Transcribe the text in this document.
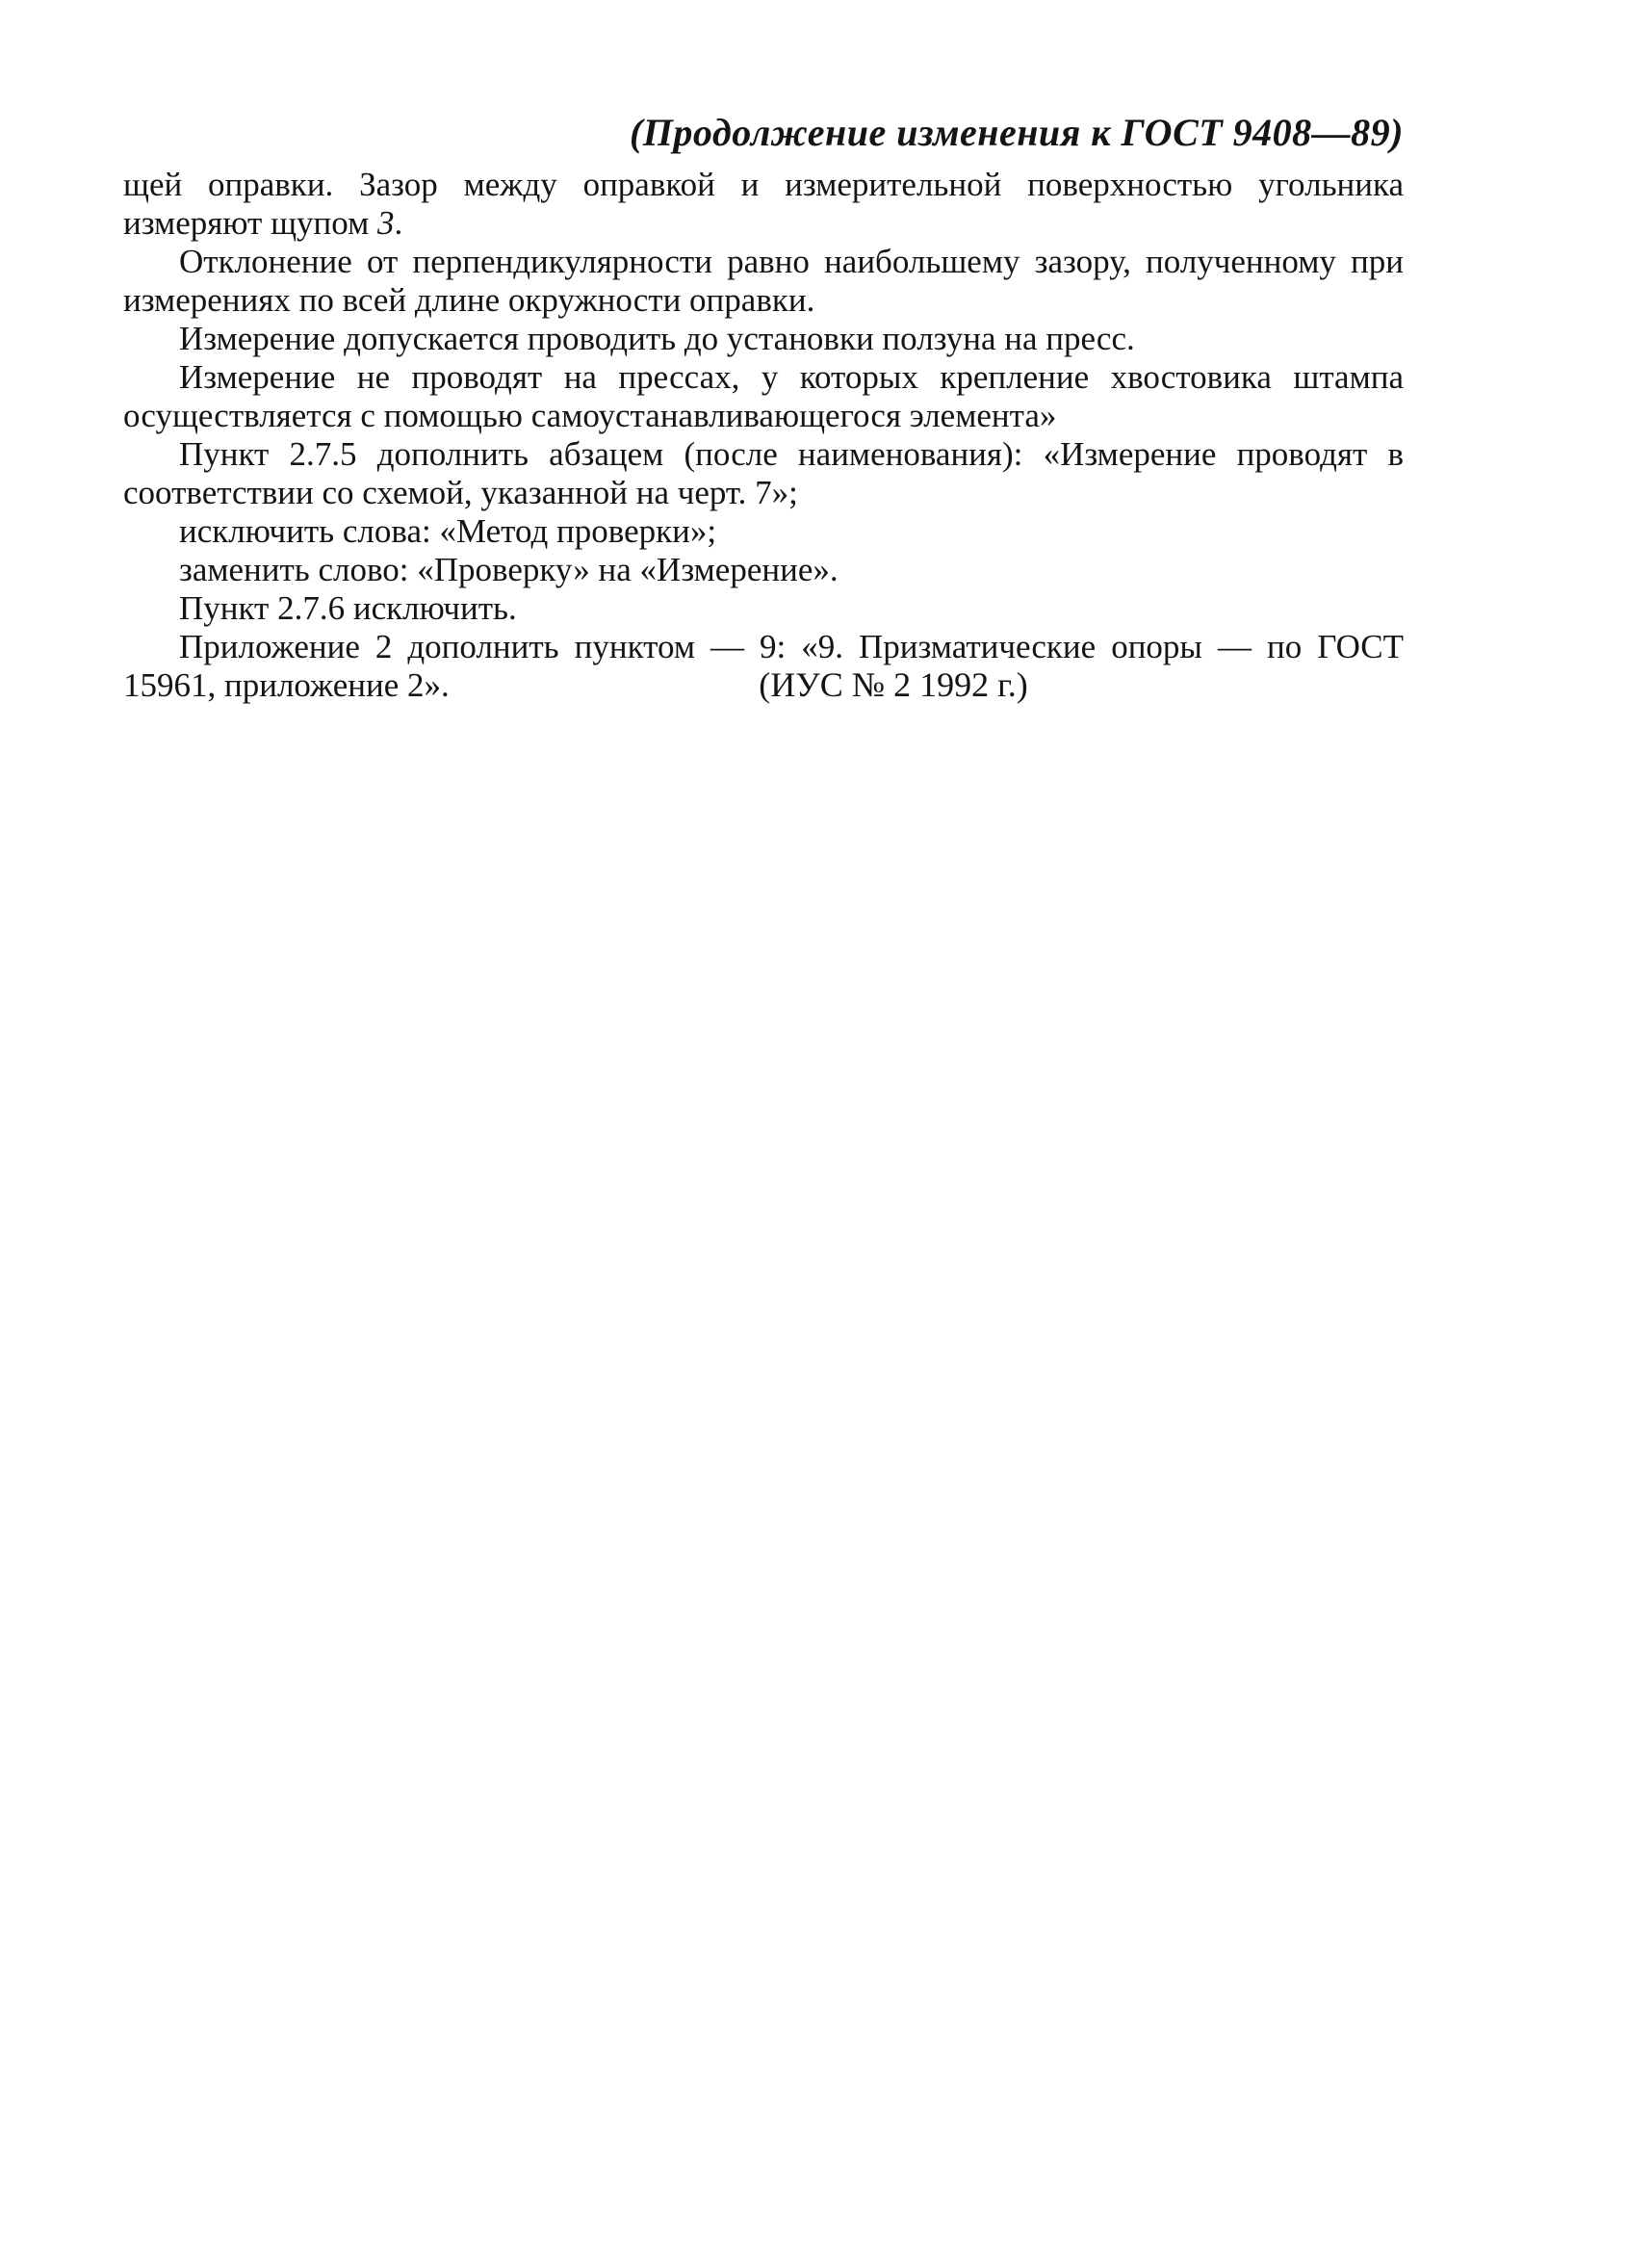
(Продолжение изменения к ГОСТ 9408—89)

щей оправки. Зазор между оправкой и измерительной поверхностью угольника измеряют щупом 3.

Отклонение от перпендикулярности равно наибольшему зазору, полученному при измерениях по всей длине окружности оправки.

Измерение допускается проводить до установки ползуна на пресс.

Измерение не проводят на прессах, у которых крепление хвостовика штампа осуществляется с помощью самоустанавливающегося элемента»

Пункт 2.7.5 дополнить абзацем (после наименования): «Измерение проводят в соответствии со схемой, указанной на черт. 7»;

исключить слова: «Метод проверки»;

заменить слово: «Проверку» на «Измерение».

Пункт 2.7.6 исключить.

Приложение 2 дополнить пунктом — 9: «9. Призматические опоры — по ГОСТ 15961, приложение 2».	(ИУС № 2 1992 г.)
